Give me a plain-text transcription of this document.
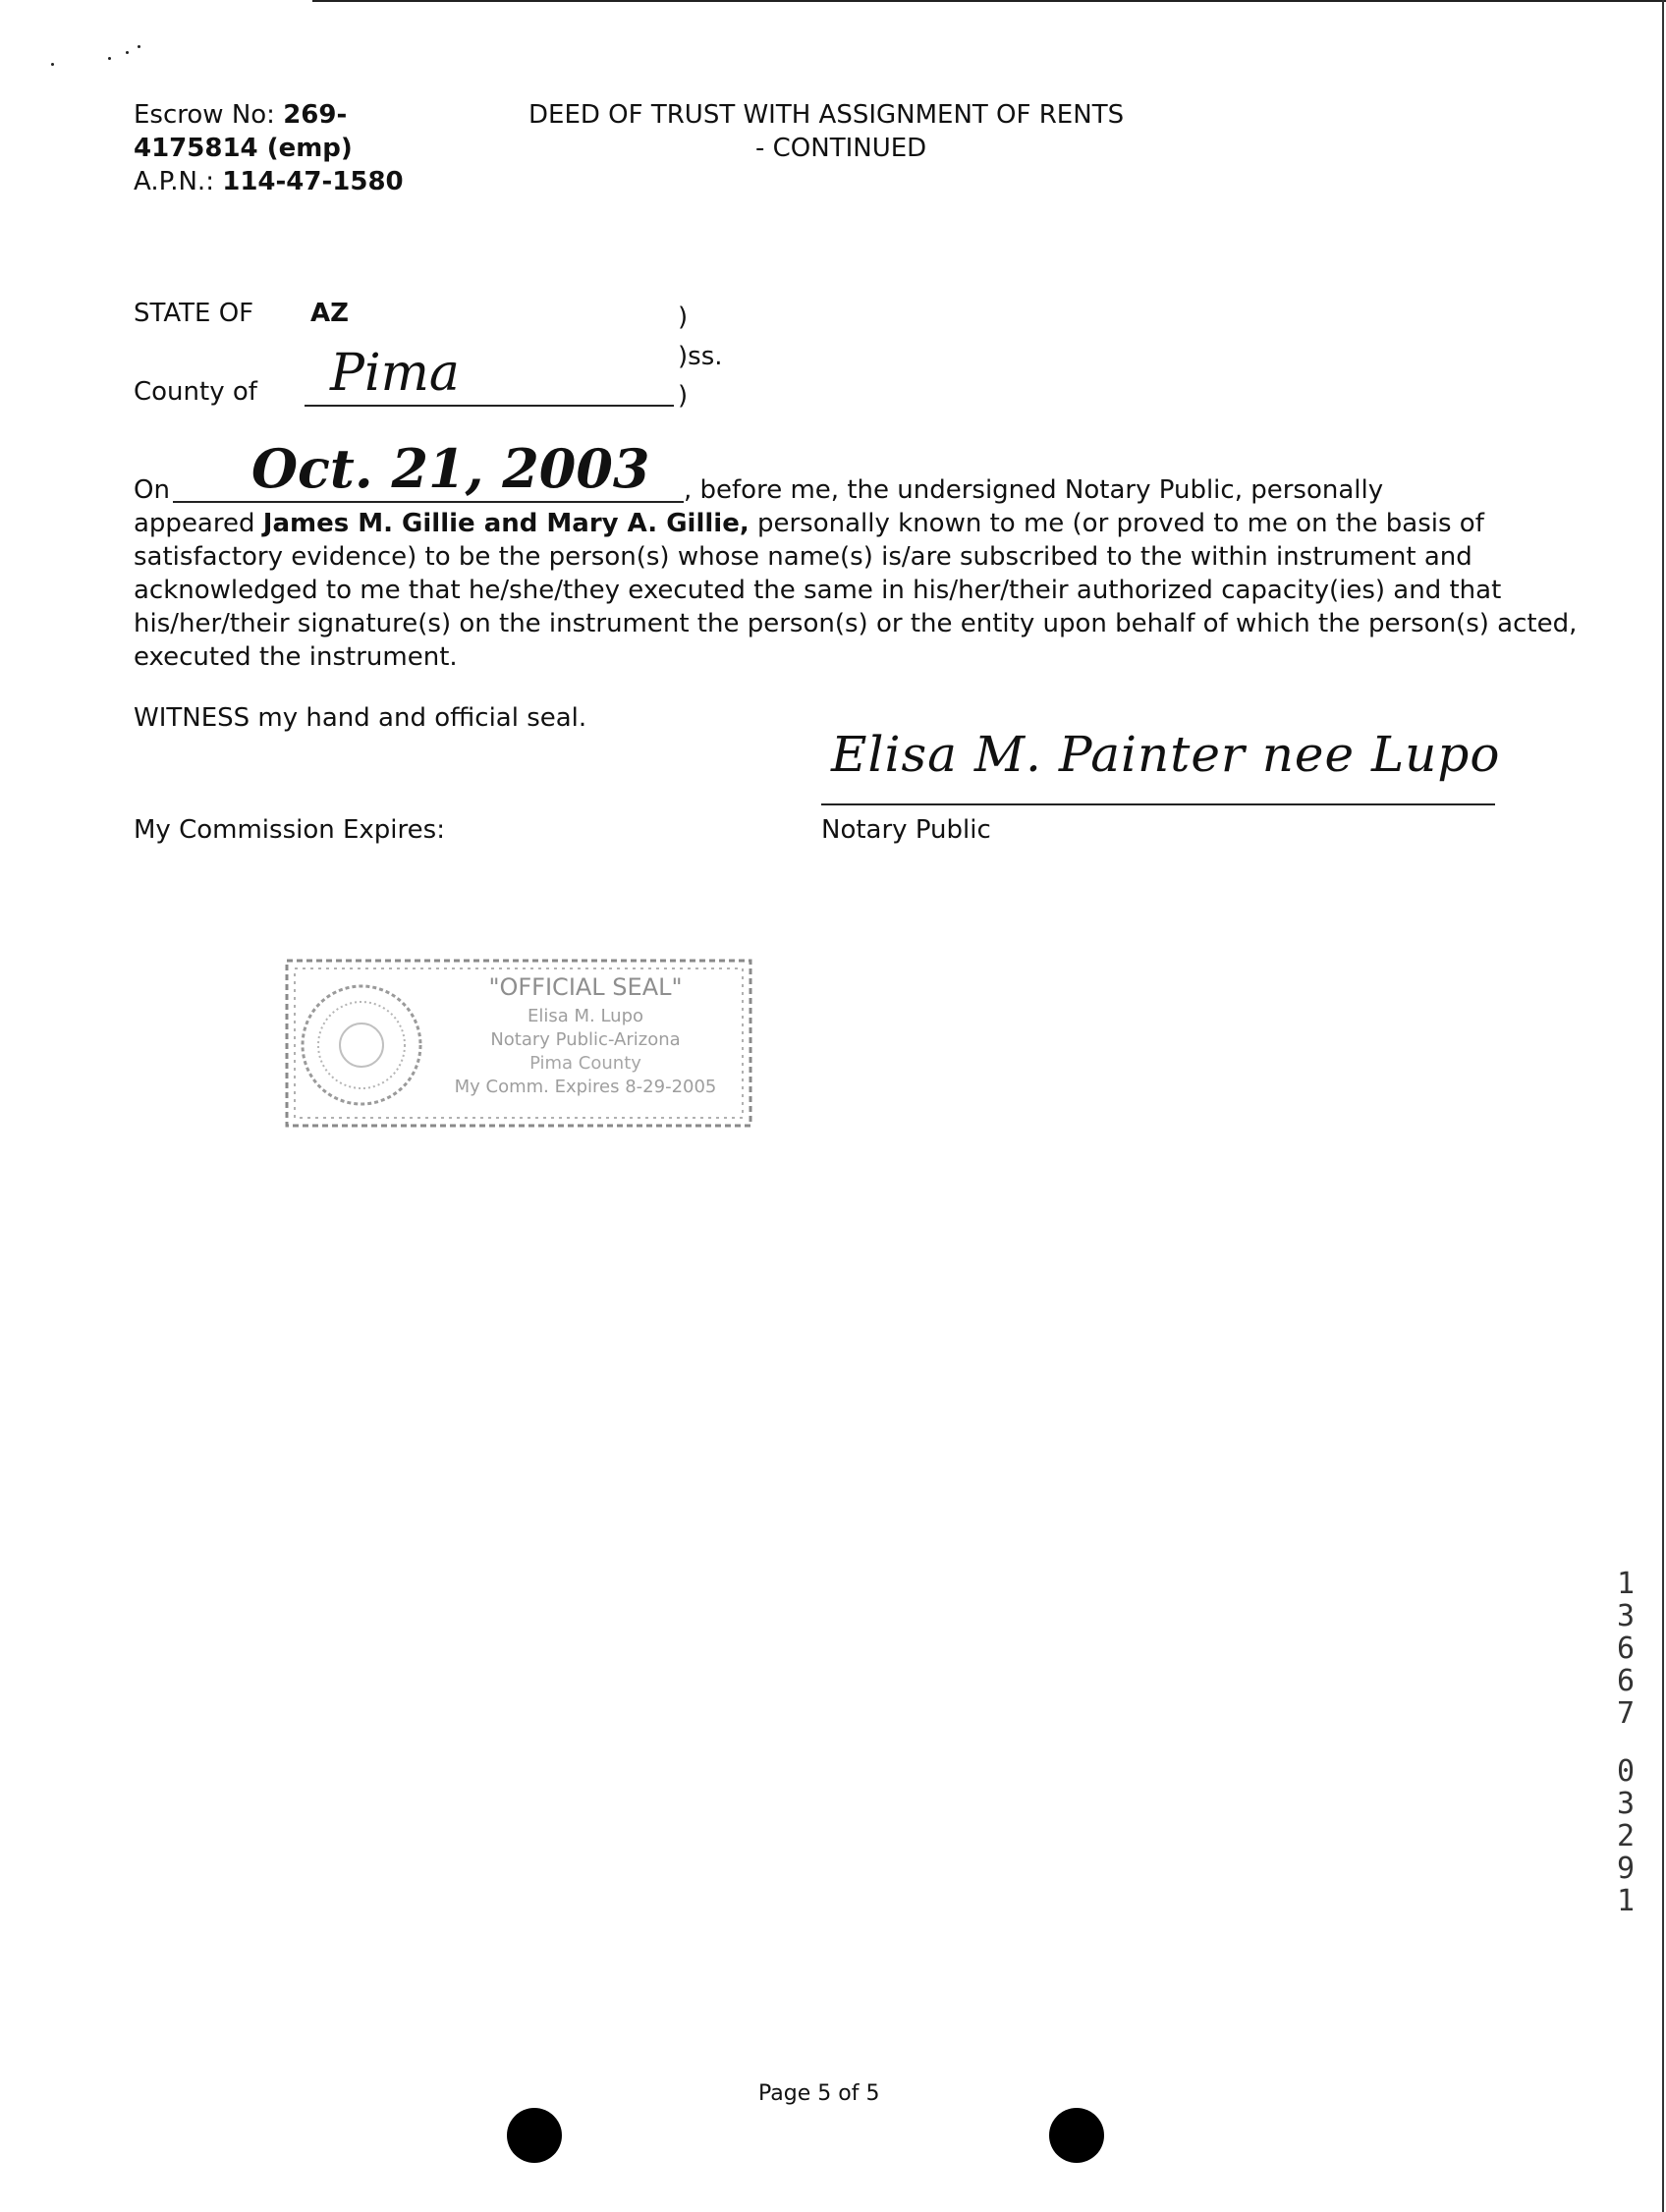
Escrow No: 269-
4175814 (emp)
A.P.N.: 114-47-1580
DEED OF TRUST WITH ASSIGNMENT OF RENTS
- CONTINUED
STATE OF AZ	)
)ss.
)
County of Pima
On Oct. 21, 2003 , before me, the undersigned Notary Public, personally
appeared James M. Gillie and Mary A. Gillie, personally known to me (or proved to me on the basis of
satisfactory evidence) to be the person(s) whose name(s) is/are subscribed to the within instrument and
acknowledged to me that he/she/they executed the same in his/her/their authorized capacity(ies) and that
his/her/their signature(s) on the instrument the person(s) or the entity upon behalf of which the person(s) acted,
executed the instrument.
WITNESS my hand and official seal.
Elisa M. Painter nee Lupo
Notary Public
My Commission Expires:
"OFFICIAL SEAL"
Elisa M. Lupo
Notary Public-Arizona
Pima County
My Comm. Expires 8-29-2005
1
3
6
6
7
0
3
2
9
1
Page 5 of 5
